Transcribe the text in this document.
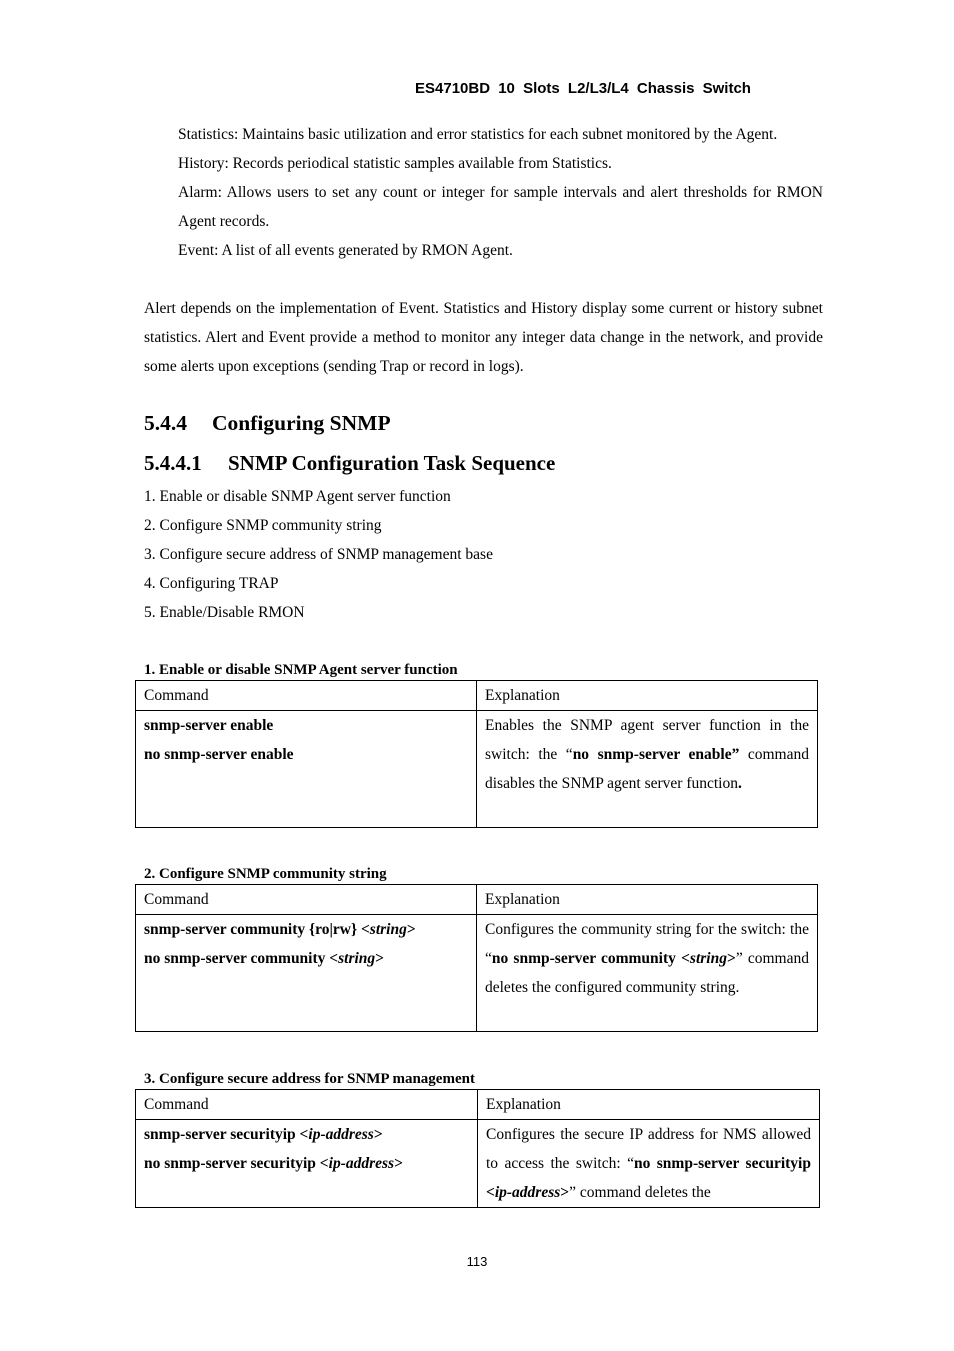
ES4710BD 10 Slots L2/L3/L4 Chassis Switch
Statistics: Maintains basic utilization and error statistics for each subnet monitored by the Agent.
History: Records periodical statistic samples available from Statistics.
Alarm: Allows users to set any count or integer for sample intervals and alert thresholds for RMON Agent records.
Event: A list of all events generated by RMON Agent.
Alert depends on the implementation of Event. Statistics and History display some current or history subnet statistics. Alert and Event provide a method to monitor any integer data change in the network, and provide some alerts upon exceptions (sending Trap or record in logs).
5.4.4 Configuring SNMP
5.4.4.1 SNMP Configuration Task Sequence
1. Enable or disable SNMP Agent server function
2. Configure SNMP community string
3. Configure secure address of SNMP management base
4. Configuring TRAP
5. Enable/Disable RMON
1. Enable or disable SNMP Agent server function
Command	Explanation

snmp-server enable
no snmp-server enable	Enables the SNMP agent server function in the switch: the “no snmp-server enable” command disables the SNMP agent server function.
2. Configure SNMP community string
Command	Explanation

snmp-server community {ro|rw} <string>
no snmp-server community <string>	Configures the community string for the switch: the “no snmp-server community <string>” command deletes the configured community string.
3. Configure secure address for SNMP management
Command	Explanation

snmp-server securityip <ip-address>
no snmp-server securityip <ip-address>	Configures the secure IP address for NMS allowed to access the switch: “no snmp-server securityip <ip-address>” command deletes the
113
